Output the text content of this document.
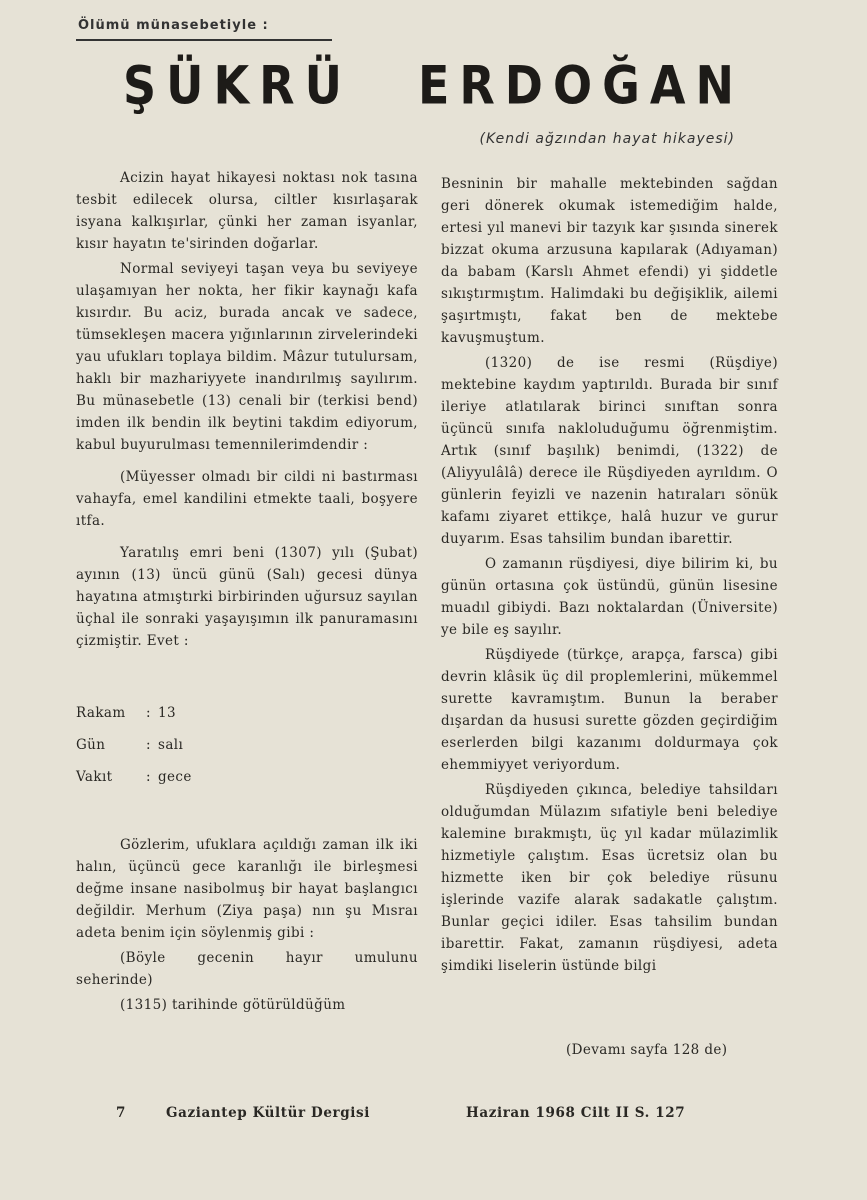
Ölümü münasebetiyle :
ŞÜKRÜ ERDOĞAN
(Kendi ağzından hayat hikayesi)

Acizin hayat hikayesi noktası nok tasına tesbit edilecek olursa, ciltler kısırlaşarak isyana kalkışırlar, çünki her zaman isyanlar, kısır hayatın te'sirinden doğarlar.

Normal seviyeyi taşan veya bu seviyeye ulaşamıyan her nokta, her fikir kaynağı kafa kısırdır. Bu aciz, burada ancak ve sadece, tümsekleşen macera yığınlarının zirvelerindeki yau ufukları toplaya bildim. Mâzur tutulursam, haklı bir mazhariyyete inandırılmış sayılırım. Bu münasebetle (13) cenali bir (terkisi bend) imden ilk bendin ilk beytini takdim ediyorum, kabul buyurulması temennilerimdendir :

(Müyesser olmadı bir cildi ni bastırması vahayfa, emel kandilini etmekte taali, boşyere ıtfa.

Yaratılış emri beni (1307) yılı (Şubat) ayının (13) üncü günü (Salı) gecesi dünya hayatına atmıştırki birbirinden uğursuz sayılan üçhal ile sonraki yaşayışımın ilk panuramasını çizmiştir. Evet :

Rakam	: 13
Gün	: salı
Vakıt	: gece

Gözlerim, ufuklara açıldığı zaman ilk iki halın, üçüncü gece karanlığı ile birleşmesi değme insane nasibolmuş bir hayat başlangıcı değildir. Merhum (Ziya paşa) nın şu Mısraı adeta benim için söylenmiş gibi :

(Böyle gecenin hayır umulunu seherinde)

(1315) tarihinde götürüldüğüm

Besninin bir mahalle mektebinden sağdan geri dönerek okumak istemediğim halde, ertesi yıl manevi bir tazyık kar şısında sinerek bizzat okuma arzusuna kapılarak (Adıyaman) da babam (Karslı Ahmet efendi) yi şiddetle sıkıştırmıştım. Halimdaki bu değişiklik, ailemi şaşırtmıştı, fakat ben de mektebe kavuşmuştum.

(1320) de ise resmi (Rüşdiye) mektebine kaydım yaptırıldı. Burada bir sınıf ileriye atlatılarak birinci sınıftan sonra üçüncü sınıfa nakloluduğumu öğrenmiştim. Artık (sınıf başılık) benimdi, (1322) de (Aliyyulâlâ) derece ile Rüşdiyeden ayrıldım. O günlerin feyizli ve nazenin hatıraları sönük kafamı ziyaret ettikçe, halâ huzur ve gurur duyarım. Esas tahsilim bundan ibarettir.

O zamanın rüşdiyesi, diye bilirim ki, bu günün ortasına çok üstündü, günün lisesine muadıl gibiydi. Bazı noktalardan (Üniversite) ye bile eş sayılır.

Rüşdiyede (türkçe, arapça, farsca) gibi devrin klâsik üç dil proplemlerini, mükemmel surette kavramıştım. Bunun la beraber dışardan da hususi surette gözden geçirdiğim eserlerden bilgi kazanımı doldurmaya çok ehemmiyyet veriyordum.

Rüşdiyeden çıkınca, belediye tahsildarı olduğumdan Mülazım sıfatiyle beni belediye kalemine bırakmıştı, üç yıl kadar mülazimlik hizmetiyle çalıştım. Esas ücretsiz olan bu hizmette iken bir çok belediye rüsunu işlerinde vazife alarak sadakatle çalıştım. Bunlar geçici idiler. Esas tahsilim bundan ibarettir. Fakat, zamanın rüşdiyesi, adeta şimdiki liselerin üstünde bilgi

(Devamı sayfa 128 de)
7	Gaziantep Kültür Dergisi	Haziran 1968 Cilt II S. 127
